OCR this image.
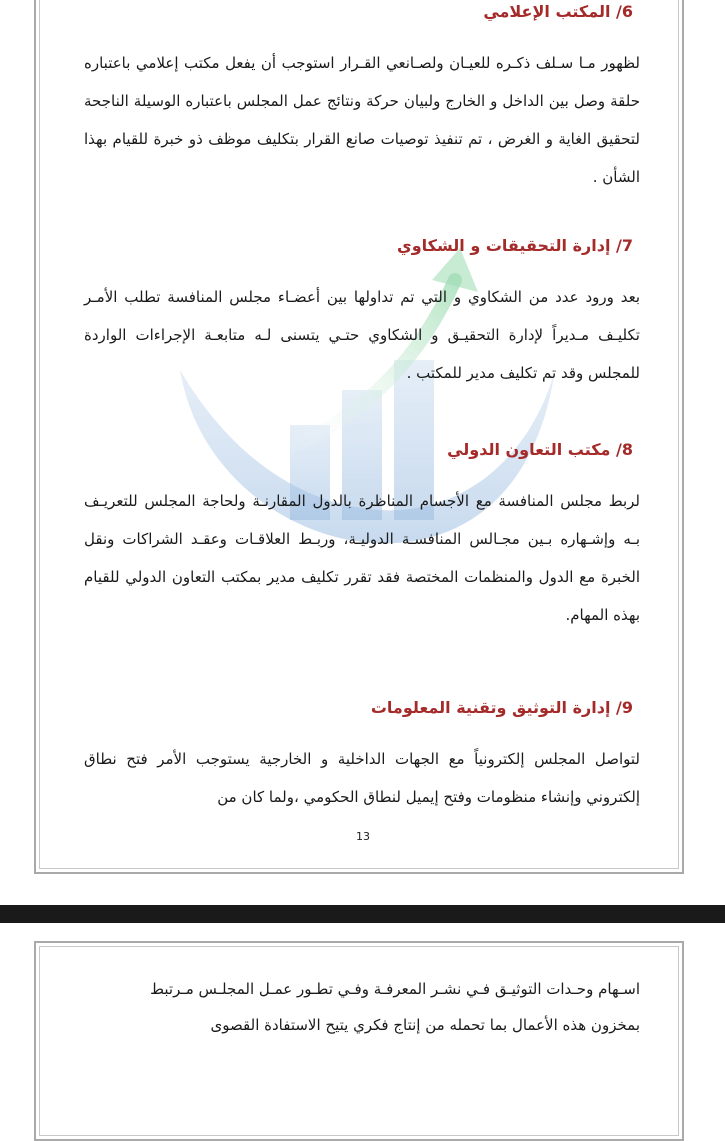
6/ المكتب الإعلامي
لظهور مـا سـلف ذكـره للعيـان ولصـانعي القـرار استوجب أن يفعل مكتب إعلامي باعتباره حلقة وصل بين الداخل و الخارج ولبيان حركة ونتائج عمل المجلس باعتباره الوسيلة الناجحة لتحقيق الغاية و الغرض ، تم تنفيذ توصيات صانع القرار بتكليف موظف ذو خبرة للقيام بهذا الشأن .
7/ إدارة التحقيقات و الشكاوي
بعد ورود عدد من الشكاوي و التي تم تداولها بين أعضـاء مجلس المنافسة تطلب الأمـر تكليـف مـديراً لإدارة التحقيـق و الشكاوي حتـي يتسنى لـه متابعـة الإجراءات الواردة للمجلس وقد تم تكليف مدير للمكتب .
8/ مكتب التعاون الدولي
لربط مجلس المنافسة مع الأجسام المناظرة بالدول المقارنـة ولحاجة المجلس للتعريـف بـه وإشـهاره بـين مجـالس المنافسـة الدوليـة، وربـط العلاقـات وعقـد الشراكات ونقل الخبرة مع الدول والمنظمات المختصة فقد تقرر تكليف مدير بمكتب التعاون الدولي للقيام بهذه المهام.
9/ إدارة التوثيق وتقنية المعلومات
لتواصل المجلس إلكترونياً مع الجهات الداخلية و الخارجية يستوجب الأمر فتح نطاق إلكتروني وإنشاء منظومات وفتح إيميل لنطاق الحكومي ،ولما كان من
13
اسـهام وحـدات التوثيـق فـي نشـر المعرفـة وفـي تطـور عمـل المجلـس مـرتبط
بمخزون هذه الأعمال بما تحمله من إنتاج فكري يتيح الاستفادة القصوى
